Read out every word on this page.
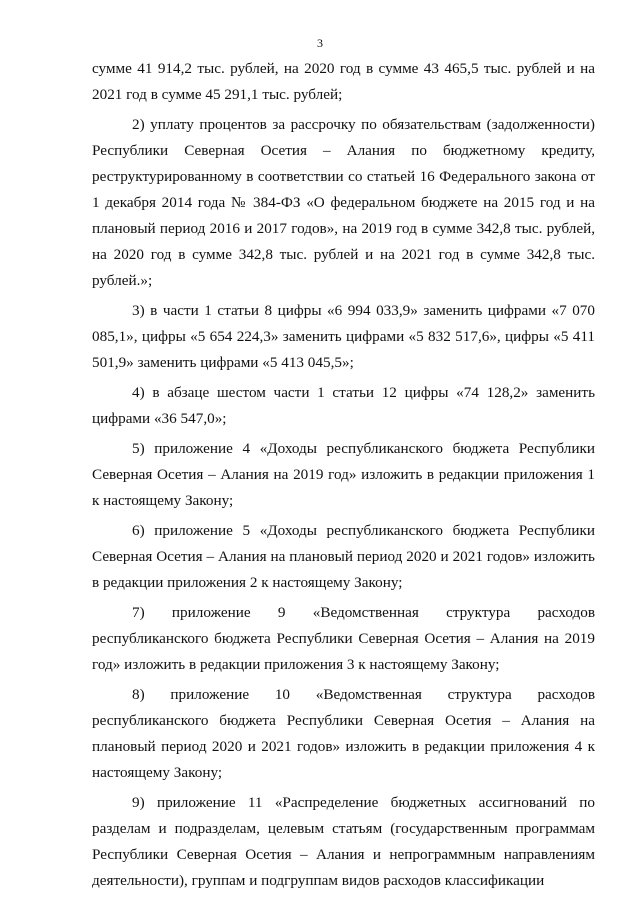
3

сумме 41 914,2 тыс. рублей, на 2020 год в сумме 43 465,5 тыс. рублей и на 2021 год в сумме 45 291,1 тыс. рублей;

2) уплату процентов за рассрочку по обязательствам (задолженности) Республики Северная Осетия – Алания по бюджетному кредиту, реструктурированному в соответствии со статьей 16 Федерального закона от 1 декабря 2014 года № 384-ФЗ «О федеральном бюджете на 2015 год и на плановый период 2016 и 2017 годов», на 2019 год в сумме 342,8 тыс. рублей, на 2020 год в сумме 342,8 тыс. рублей и на 2021 год в сумме 342,8 тыс. рублей.»;

3) в части 1 статьи 8 цифры «6 994 033,9» заменить цифрами «7 070 085,1», цифры «5 654 224,3» заменить цифрами «5 832 517,6», цифры «5 411 501,9» заменить цифрами «5 413 045,5»;

4) в абзаце шестом части 1 статьи 12 цифры «74 128,2» заменить цифрами «36 547,0»;

5) приложение 4 «Доходы республиканского бюджета Республики Северная Осетия – Алания на 2019 год» изложить в редакции приложения 1 к настоящему Закону;

6) приложение 5 «Доходы республиканского бюджета Республики Северная Осетия – Алания на плановый период 2020 и 2021 годов» изложить в редакции приложения 2 к настоящему Закону;

7) приложение 9 «Ведомственная структура расходов республиканского бюджета Республики Северная Осетия – Алания на 2019 год» изложить в редакции приложения 3 к настоящему Закону;

8) приложение 10 «Ведомственная структура расходов республиканского бюджета Республики Северная Осетия – Алания на плановый период 2020 и 2021 годов» изложить в редакции приложения 4 к настоящему Закону;

9) приложение 11 «Распределение бюджетных ассигнований по разделам и подразделам, целевым статьям (государственным программам Республики Северная Осетия – Алания и непрограммным направлениям деятельности), группам и подгруппам видов расходов классификации
